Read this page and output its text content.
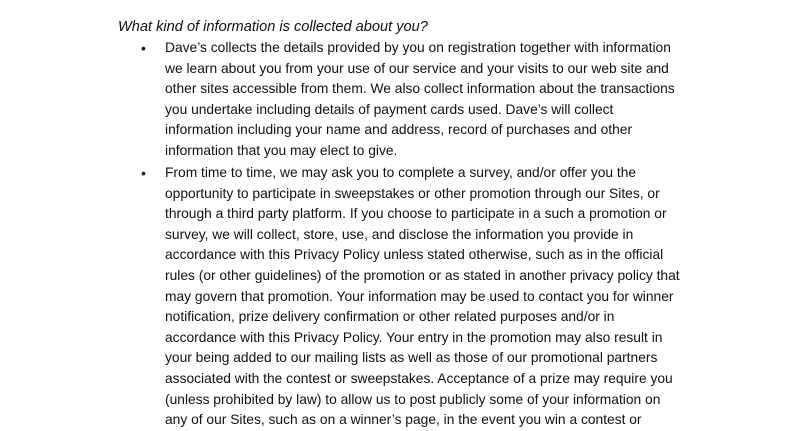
What kind of information is collected about you?

• Dave’s collects the details provided by you on registration together with information
we learn about you from your use of our service and your visits to our web site and
other sites accessible from them. We also collect information about the transactions
you undertake including details of payment cards used. Dave’s will collect
information including your name and address, record of purchases and other
information that you may elect to give.

• From time to time, we may ask you to complete a survey, and/or offer you the
opportunity to participate in sweepstakes or other promotion through our Sites, or
through a third party platform. If you choose to participate in a such a promotion or
survey, we will collect, store, use, and disclose the information you provide in
accordance with this Privacy Policy unless stated otherwise, such as in the official
rules (or other guidelines) of the promotion or as stated in another privacy policy that
may govern that promotion. Your information may be used to contact you for winner
notification, prize delivery confirmation or other related purposes and/or in
accordance with this Privacy Policy. Your entry in the promotion may also result in
your being added to our mailing lists as well as those of our promotional partners
associated with the contest or sweepstakes. Acceptance of a prize may require you
(unless prohibited by law) to allow us to post publicly some of your information on
any of our Sites, such as on a winner’s page, in the event you win a contest or
